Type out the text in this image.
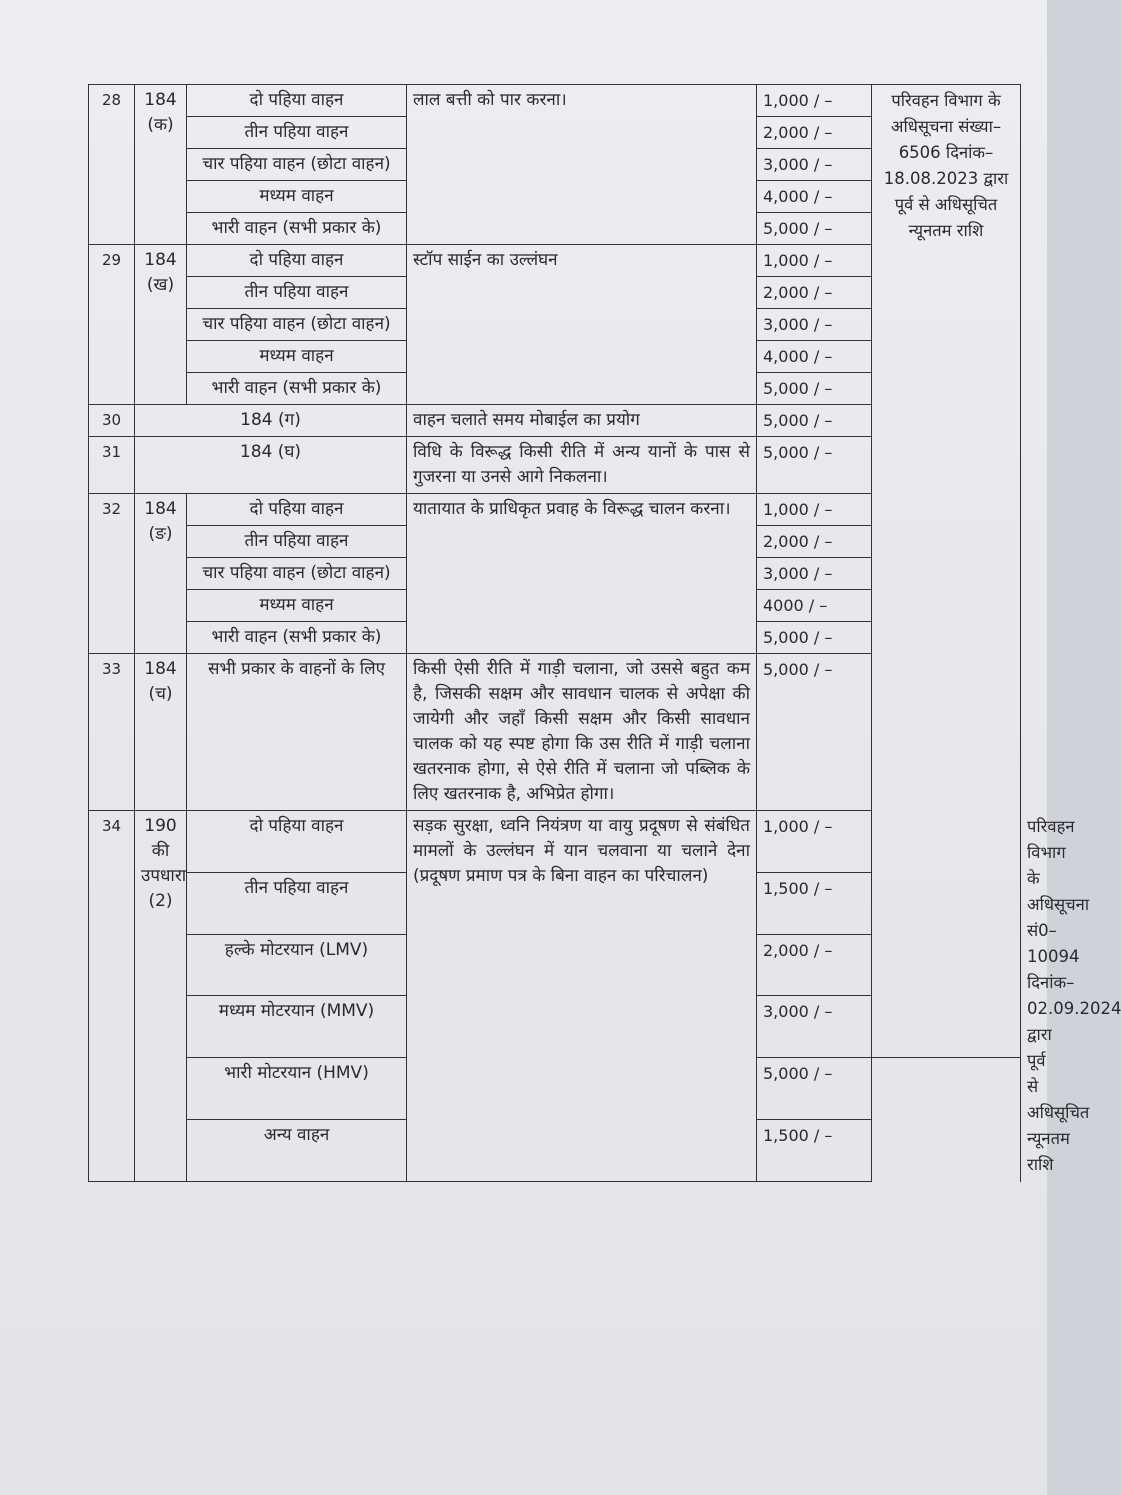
28	184 (क)	दो पहिया वाहन	लाल बत्ती को पार करना।	1,000 / –	परिवहन विभाग के अधिसूचना संख्या–6506 दिनांक– 18.08.2023 द्वारा पूर्व से अधिसूचित न्यूनतम राशि	
		तीन पहिया वाहन		2,000 / –		
		चार पहिया वाहन (छोटा वाहन)		3,000 / –		
		मध्यम वाहन		4,000 / –		
		भारी वाहन (सभी प्रकार के)		5,000 / –		
29	184 (ख)	दो पहिया वाहन	स्टॉप साईन का उल्लंघन	1,000 / –		
		तीन पहिया वाहन		2,000 / –		
		चार पहिया वाहन (छोटा वाहन)		3,000 / –		
		मध्यम वाहन		4,000 / –		
		भारी वाहन (सभी प्रकार के)		5,000 / –		
30	184 (ग)		वाहन चलाते समय मोबाईल का प्रयोग	5,000 / –		
31	184 (घ)		विधि के विरूद्ध किसी रीति में अन्य यानों के पास से गुजरना या उनसे आगे निकलना।	5,000 / –		
32	184 (ङ)	दो पहिया वाहन	यातायात के प्राधिकृत प्रवाह के विरूद्ध चालन करना।	1,000 / –		
		तीन पहिया वाहन		2,000 / –		
		चार पहिया वाहन (छोटा वाहन)		3,000 / –		
		मध्यम वाहन		4000 / –		
		भारी वाहन (सभी प्रकार के)		5,000 / –		
33	184 (च)	सभी प्रकार के वाहनों के लिए	किसी ऐसी रीति में गाड़ी चलाना, जो उससे बहुत कम है, जिसकी सक्षम और सावधान चालक से अपेक्षा की जायेगी और जहाँ किसी सक्षम और किसी सावधान चालक को यह स्पष्ट होगा कि उस रीति में गाड़ी चलाना खतरनाक होगा, से ऐसे रीति में चलाना जो पब्लिक के लिए खतरनाक है, अभिप्रेत होगा।	5,000 / –		
34	190 की उपधारा (2)	दो पहिया वाहन	सड़क सुरक्षा, ध्वनि नियंत्रण या वायु प्रदूषण से संबंधित मामलों के उल्लंघन में यान चलवाना या चलाने देना (प्रदूषण प्रमाण पत्र के बिना वाहन का परिचालन)	1,000 / –		परिवहन विभाग के अधिसूचना सं0–10094 दिनांक– 02.09.2024 द्वारा पूर्व से अधिसूचित न्यूनतम राशि
		तीन पहिया वाहन		1,500 / –		
		हल्के मोटरयान (LMV)		2,000 / –		
		मध्यम मोटरयान (MMV)		3,000 / –		
		भारी मोटरयान (HMV)		5,000 / –		
		अन्य वाहन		1,500 / –		
